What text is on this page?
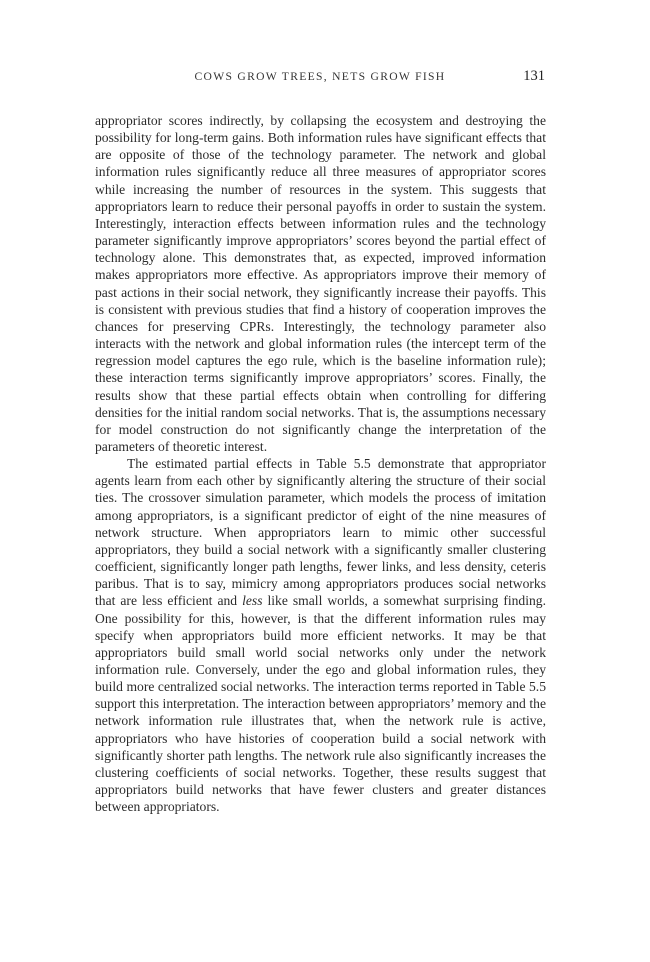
COWS GROW TREES, NETS GROW FISH	131

appropriator scores indirectly, by collapsing the ecosystem and destroying the possibility for long-term gains. Both information rules have significant effects that are opposite of those of the technology parameter. The network and global information rules significantly reduce all three measures of appropriator scores while increasing the number of resources in the system. This suggests that appropriators learn to reduce their personal payoffs in order to sustain the system. Interestingly, interaction effects between information rules and the technology parameter significantly improve appropriators’ scores beyond the partial effect of technology alone. This demonstrates that, as expected, improved information makes appropriators more effective. As appropriators improve their memory of past actions in their social network, they significantly increase their payoffs. This is consistent with previous studies that find a history of cooperation improves the chances for preserving CPRs. Interestingly, the technology parameter also interacts with the network and global information rules (the intercept term of the regression model captures the ego rule, which is the baseline information rule); these interaction terms significantly improve appropriators’ scores. Finally, the results show that these partial effects obtain when controlling for differing densities for the initial random social networks. That is, the assumptions necessary for model construction do not significantly change the interpretation of the parameters of theoretic interest.

The estimated partial effects in Table 5.5 demonstrate that appropriator agents learn from each other by significantly altering the structure of their social ties. The crossover simulation parameter, which models the process of imitation among appropriators, is a significant predictor of eight of the nine measures of network structure. When appropriators learn to mimic other successful appropriators, they build a social network with a significantly smaller clustering coefficient, significantly longer path lengths, fewer links, and less density, ceteris paribus. That is to say, mimicry among appropriators produces social networks that are less efficient and less like small worlds, a somewhat surprising finding. One possibility for this, however, is that the different information rules may specify when appropriators build more efficient networks. It may be that appropriators build small world social networks only under the network information rule. Conversely, under the ego and global information rules, they build more centralized social networks. The interaction terms reported in Table 5.5 support this interpretation. The interaction between appropriators’ memory and the network information rule illustrates that, when the network rule is active, appropriators who have histories of cooperation build a social network with significantly shorter path lengths. The network rule also significantly increases the clustering coefficients of social networks. Together, these results suggest that appropriators build networks that have fewer clusters and greater distances between appropriators.
